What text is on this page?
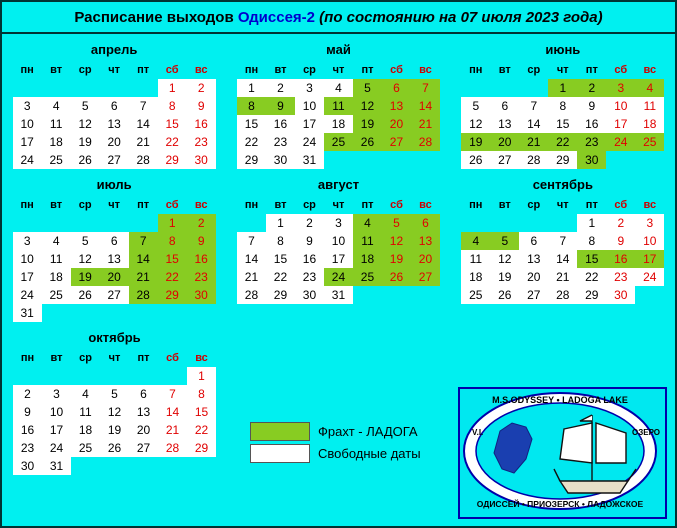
Расписание выходов Одиссея-2 (по состоянию на 07 июля 2023 года)
апрель
пн	вт	ср	чт	пт	сб	вс
					1	2
3	4	5	6	7	8	9
10	11	12	13	14	15	16
17	18	19	20	21	22	23
24	25	26	27	28	29	30
май
пн	вт	ср	чт	пт	сб	вс
1	2	3	4	5	6	7
8	9	10	11	12	13	14
15	16	17	18	19	20	21
22	23	24	25	26	27	28
29	30	31				
июнь
пн	вт	ср	чт	пт	сб	вс
			1	2	3	4
5	6	7	8	9	10	11
12	13	14	15	16	17	18
19	20	21	22	23	24	25
26	27	28	29	30		
июль
пн	вт	ср	чт	пт	сб	вс
					1	2
3	4	5	6	7	8	9
10	11	12	13	14	15	16
17	18	19	20	21	22	23
24	25	26	27	28	29	30
31						
август
пн	вт	ср	чт	пт	сб	вс
	1	2	3	4	5	6
7	8	9	10	11	12	13
14	15	16	17	18	19	20
21	22	23	24	25	26	27
28	29	30	31			
сентябрь
пн	вт	ср	чт	пт	сб	вс
				1	2	3
4	5	6	7	8	9	10
11	12	13	14	15	16	17
18	19	20	21	22	23	24
25	26	27	28	29	30	
октябрь
пн	вт	ср	чт	пт	сб	вс
						1
2	3	4	5	6	7	8
9	10	11	12	13	14	15
16	17	18	19	20	21	22
23	24	25	26	27	28	29
30	31					
Фрахт - ЛАДОГА
Свободные даты
M.S.ODYSSEY • LADOGA LAKE
ОДИССЕЙ • ПРИОЗЕРСК • ЛАДОЖСКОЕ
V.I.	ОЗЕРО
